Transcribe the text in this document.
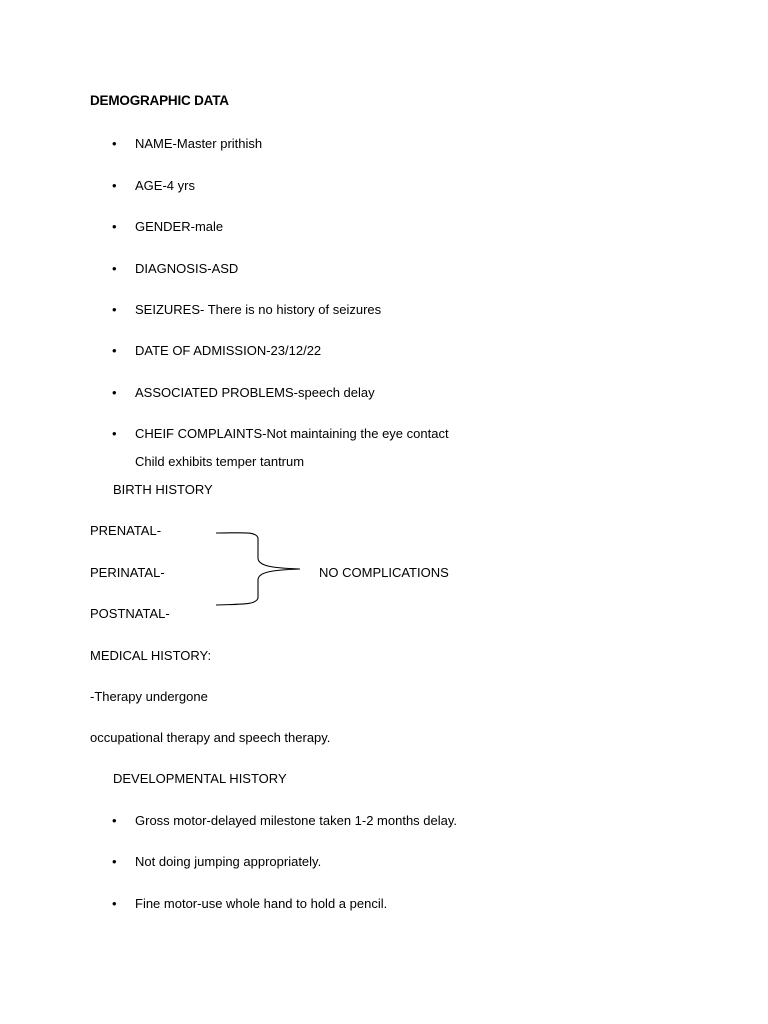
DEMOGRAPHIC DATA
• NAME-Master prithish
• AGE-4 yrs
• GENDER-male
• DIAGNOSIS-ASD
• SEIZURES- There is no history of seizures
• DATE OF ADMISSION-23/12/22
• ASSOCIATED PROBLEMS-speech delay
• CHEIF COMPLAINTS-Not maintaining the eye contact
Child exhibits temper tantrum
BIRTH HISTORY
PRENATAL-
PERINATAL-
POSTNATAL-
NO COMPLICATIONS
MEDICAL HISTORY:
-Therapy undergone
occupational therapy and speech therapy.
DEVELOPMENTAL HISTORY
• Gross motor-delayed milestone taken 1-2 months delay.
• Not doing jumping appropriately.
• Fine motor-use whole hand to hold a pencil.
